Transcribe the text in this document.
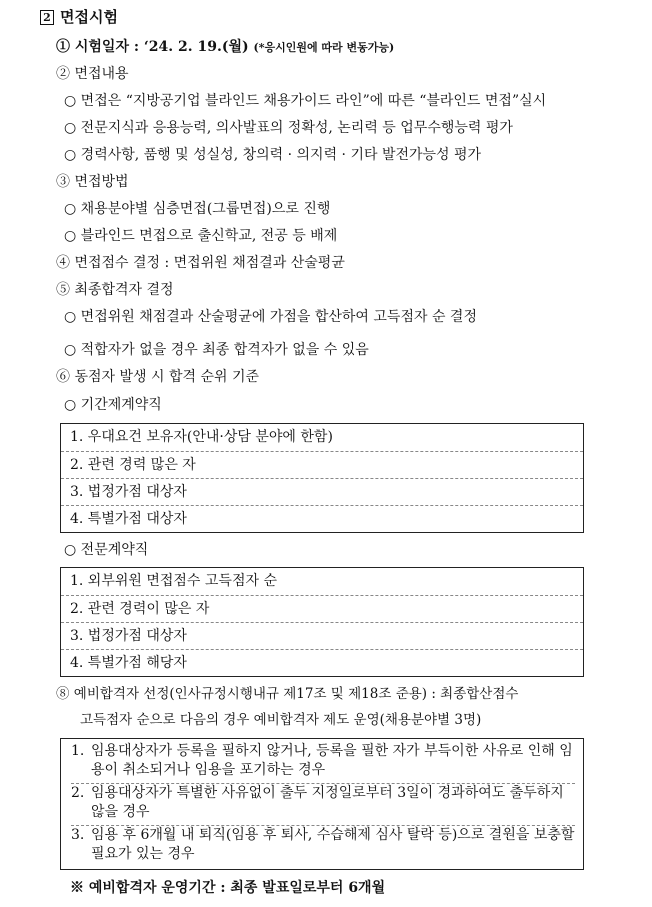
2 면접시험
① 시험일자 : ‘24. 2. 19.(월) (*응시인원에 따라 변동가능)
② 면접내용
○ 면접은 “지방공기업 블라인드 채용가이드 라인”에 따른 “블라인드 면접”실시
○ 전문지식과 응용능력, 의사발표의 정확성, 논리력 등 업무수행능력 평가
○ 경력사항, 품행 및 성실성, 창의력 · 의지력 · 기타 발전가능성 평가
③ 면접방법
○ 채용분야별 심층면접(그룹면접)으로 진행
○ 블라인드 면접으로 출신학교, 전공 등 배제
④ 면접점수 결정 : 면접위원 채점결과 산술평균
⑤ 최종합격자 결정
○ 면접위원 채점결과 산술평균에 가점을 합산하여 고득점자 순 결정
○ 적합자가 없을 경우 최종 합격자가 없을 수 있음
⑥ 동점자 발생 시 합격 순위 기준
○ 기간제계약직
1. 우대요건 보유자(안내·상담 분야에 한함)
2. 관련 경력 많은 자
3. 법정가점 대상자
4. 특별가점 대상자
○ 전문계약직
1. 외부위원 면접점수 고득점자 순
2. 관련 경력이 많은 자
3. 법정가점 대상자
4. 특별가점 해당자
⑧ 예비합격자 선정(인사규정시행내규 제17조 및 제18조 준용) : 최종합산점수
고득점자 순으로 다음의 경우 예비합격자 제도 운영(채용분야별 3명)
1. 임용대상자가 등록을 필하지 않거나, 등록을 필한 자가 부득이한 사유로 인해 임용이 취소되거나 임용을 포기하는 경우
2. 임용대상자가 특별한 사유없이 출두 지정일로부터 3일이 경과하여도 출두하지 않을 경우
3. 임용 후 6개월 내 퇴직(임용 후 퇴사, 수습해제 심사 탈락 등)으로 결원을 보충할 필요가 있는 경우
※ 예비합격자 운영기간 : 최종 발표일로부터 6개월
